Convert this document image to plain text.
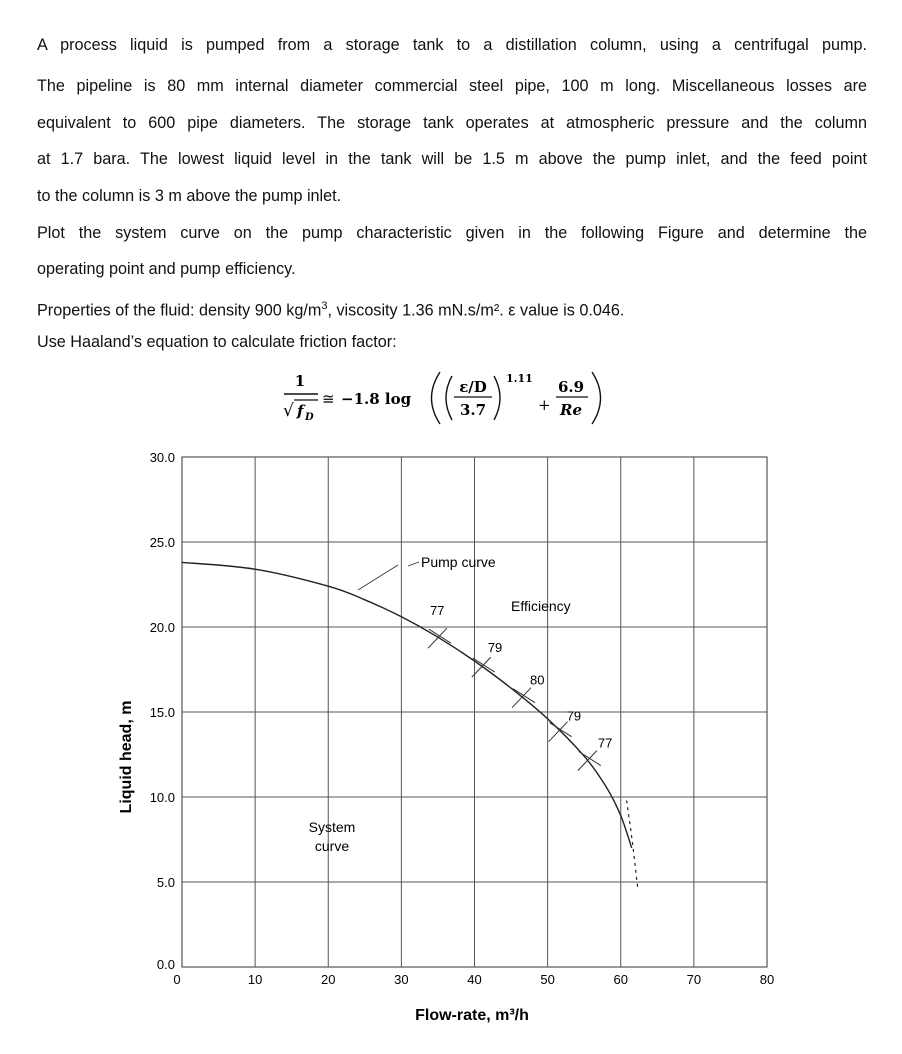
A process liquid is pumped from a storage tank to a distillation column, using a centrifugal pump.
The pipeline is 80 mm internal diameter commercial steel pipe, 100 m long. Miscellaneous losses are
equivalent to 600 pipe diameters. The storage tank operates at atmospheric pressure and the column
at 1.7 bara. The lowest liquid level in the tank will be 1.5 m above the pump inlet, and the feed point
to the column is 3 m above the pump inlet.
Plot the system curve on the pump characteristic given in the following Figure and determine the
operating point and pump efficiency.
Properties of the fluid: density 900 $kg/m^3$, viscosity 1.36 mN.s/m². ε value is 0.046.
Use Haaland’s equation to calculate friction factor:
1
√ f D
≅ −1.8 log
ε/D
3.7
1.11
+
6.9
Re
0	10	20	30	40	50	60	70	80
0.0
5.0
10.0
15.0
20.0
25.0
30.0
77
79
80
79
77
Pump curve
Efficiency
System
curve
Flow-rate, m³/h
Liquid head, m
